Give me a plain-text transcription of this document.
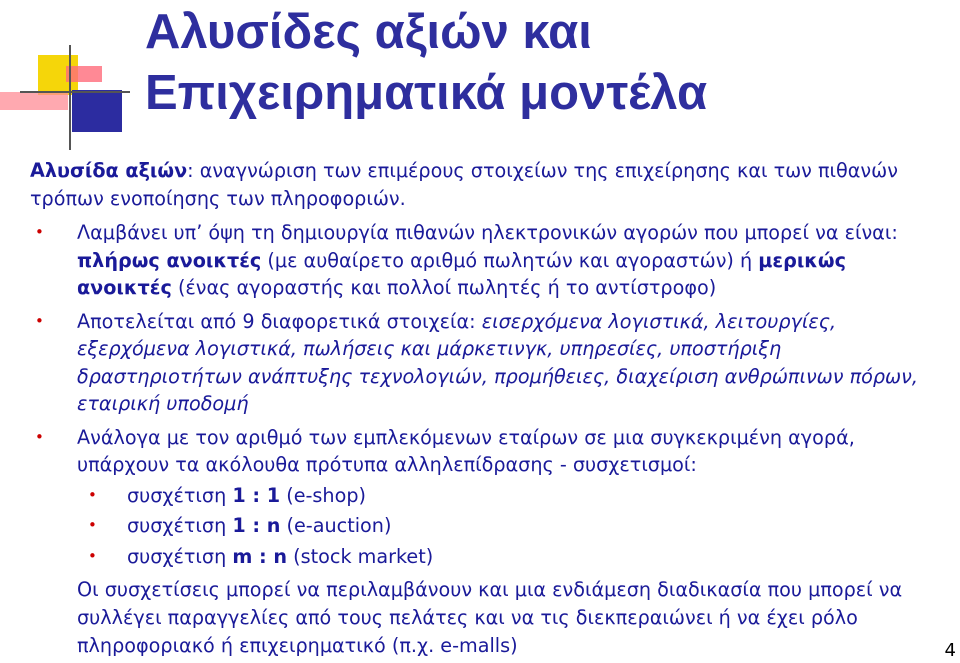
Αλυσίδες αξιών και
Επιχειρηματικά μοντέλα

Αλυσίδα αξιών: αναγνώριση των επιμέρους στοιχείων της επιχείρησης και των πιθανών τρόπων ενοποίησης των πληροφοριών.

• Λαμβάνει υπ’ όψη τη δημιουργία πιθανών ηλεκτρονικών αγορών που μπορεί να είναι: πλήρως ανοικτές (με αυθαίρετο αριθμό πωλητών και αγοραστών) ή μερικώς ανοικτές (ένας αγοραστής και πολλοί πωλητές ή το αντίστροφο)
• Αποτελείται από 9 διαφορετικά στοιχεία: εισερχόμενα λογιστικά, λειτουργίες, εξερχόμενα λογιστικά, πωλήσεις και μάρκετινγκ, υπηρεσίες, υποστήριξη δραστηριοτήτων ανάπτυξης τεχνολογιών, προμήθειες, διαχείριση ανθρώπινων πόρων, εταιρική υποδομή
• Ανάλογα με τον αριθμό των εμπλεκόμενων εταίρων σε μια συγκεκριμένη αγορά, υπάρχουν τα ακόλουθα πρότυπα αλληλεπίδρασης - συσχετισμοί:
• συσχέτιση 1 : 1 (e-shop)
• συσχέτιση 1 : n (e-auction)
• συσχέτιση m : n (stock market)

Οι συσχετίσεις μπορεί να περιλαμβάνουν και μια ενδιάμεση διαδικασία που μπορεί να συλλέγει παραγγελίες από τους πελάτες και να τις διεκπεραιώνει ή να έχει ρόλο πληροφοριακό ή επιχειρηματικό (π.χ. e-malls)	4
